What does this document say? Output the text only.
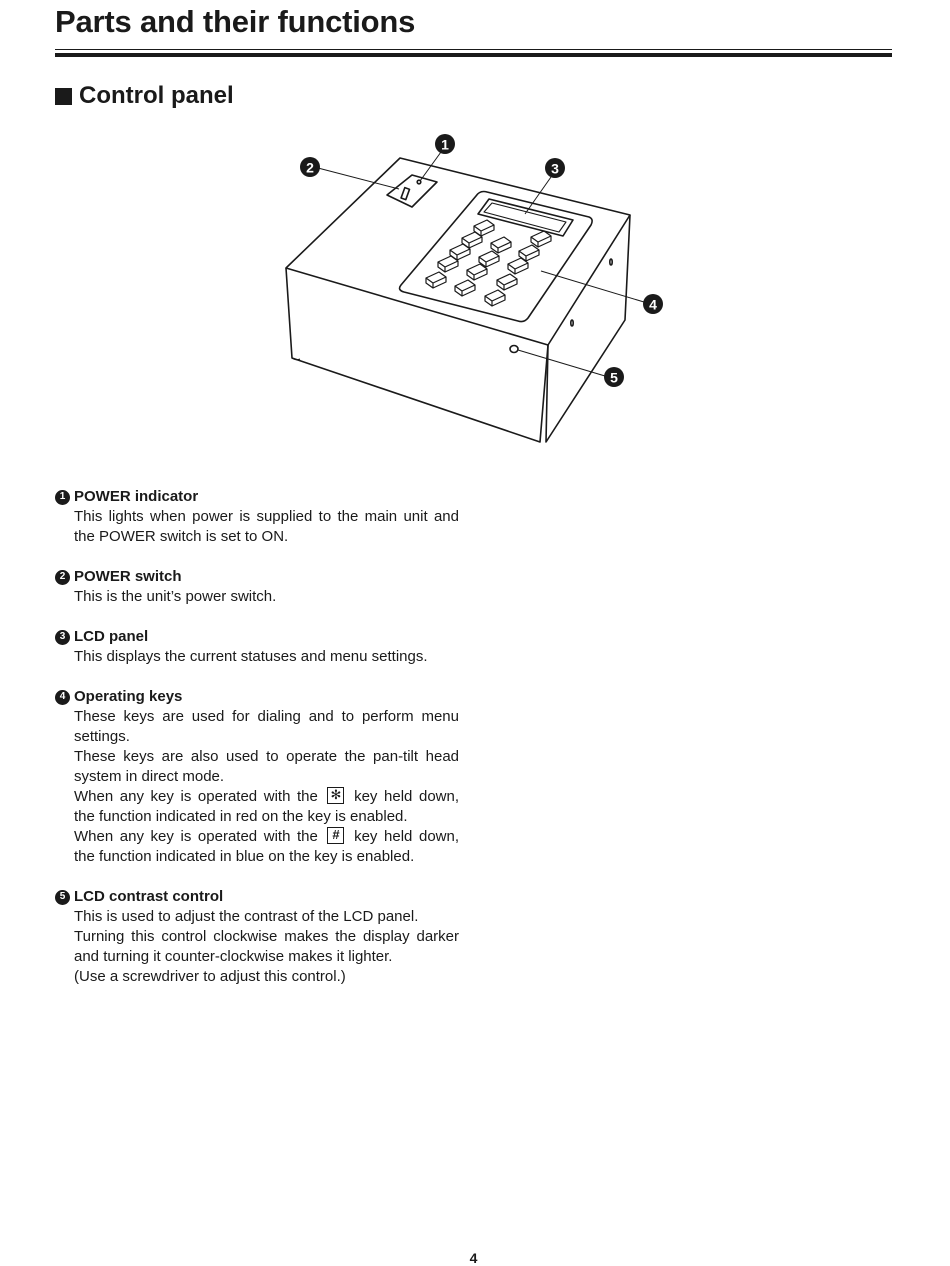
Parts and their functions
Control panel
1
2	3
4
5
1 POWER indicator

This lights when power is supplied to the main unit and the POWER switch is set to ON.

2 POWER switch

This is the unit’s power switch.

3 LCD panel

This displays the current statuses and menu settings.

4 Operating keys

These keys are used for dialing and to perform menu settings.

These keys are also used to operate the pan-tilt head system in direct mode.

When any key is operated with the ✻ key held down, the function indicated in red on the key is enabled.

When any key is operated with the # key held down, the function indicated in blue on the key is enabled.

5 LCD contrast control

This is used to adjust the contrast of the LCD panel.

Turning this control clockwise makes the display darker and turning it counter-clockwise makes it lighter.

(Use a screwdriver to adjust this control.)

4
